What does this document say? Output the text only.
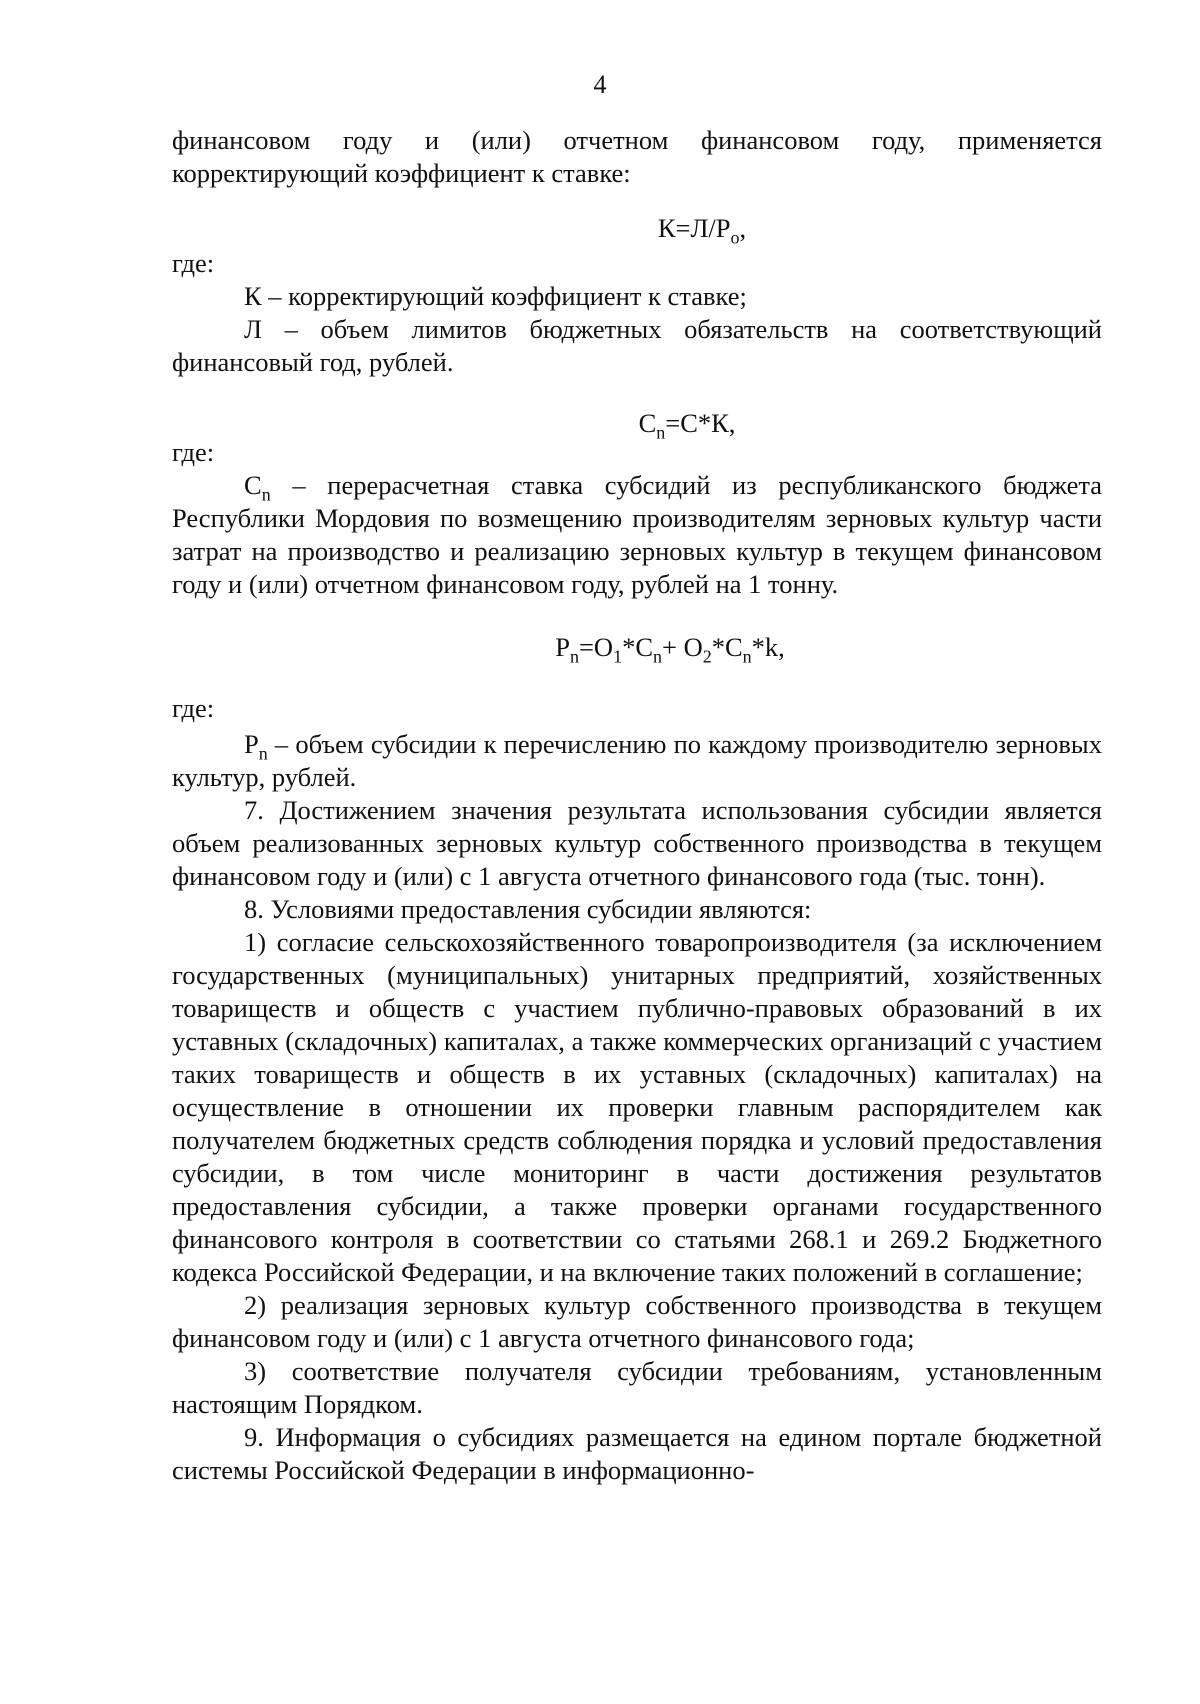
4

финансовом году и (или) отчетном финансовом году, применяется корректирующий коэффициент к ставке:

$К=Л/Р_о$,
где:

К – корректирующий коэффициент к ставке;

Л – объем лимитов бюджетных обязательств на соответствующий финансовый год, рублей.

$С_n=С*К$,
где:

$С_n$ – перерасчетная ставка субсидий из республиканского бюджета Республики Мордовия по возмещению производителям зерновых культур части затрат на производство и реализацию зерновых культур в текущем финансовом году и (или) отчетном финансовом году, рублей на 1 тонну.

$Р_n=О_1*С_n+ О_2*С_n*k$,
где:

$Р_n$ – объем субсидии к перечислению по каждому производителю зерновых культур, рублей.

7. Достижением значения результата использования субсидии является объем реализованных зерновых культур собственного производства в текущем финансовом году и (или) с 1 августа отчетного финансового года (тыс. тонн).

8. Условиями предоставления субсидии являются:

1) согласие сельскохозяйственного товаропроизводителя (за исключением государственных (муниципальных) унитарных предприятий, хозяйственных товариществ и обществ с участием публично-правовых образований в их уставных (складочных) капиталах, а также коммерческих организаций с участием таких товариществ и обществ в их уставных (складочных) капиталах) на осуществление в отношении их проверки главным распорядителем как получателем бюджетных средств соблюдения порядка и условий предоставления субсидии, в том числе мониторинг в части достижения результатов предоставления субсидии, а также проверки органами государственного финансового контроля в соответствии со статьями 268.1 и 269.2 Бюджетного кодекса Российской Федерации, и на включение таких положений в соглашение;

2) реализация зерновых культур собственного производства в текущем финансовом году и (или) с 1 августа отчетного финансового года;

3) соответствие получателя субсидии требованиям, установленным настоящим Порядком.

9. Информация о субсидиях размещается на едином портале бюджетной системы Российской Федерации в информационно-
